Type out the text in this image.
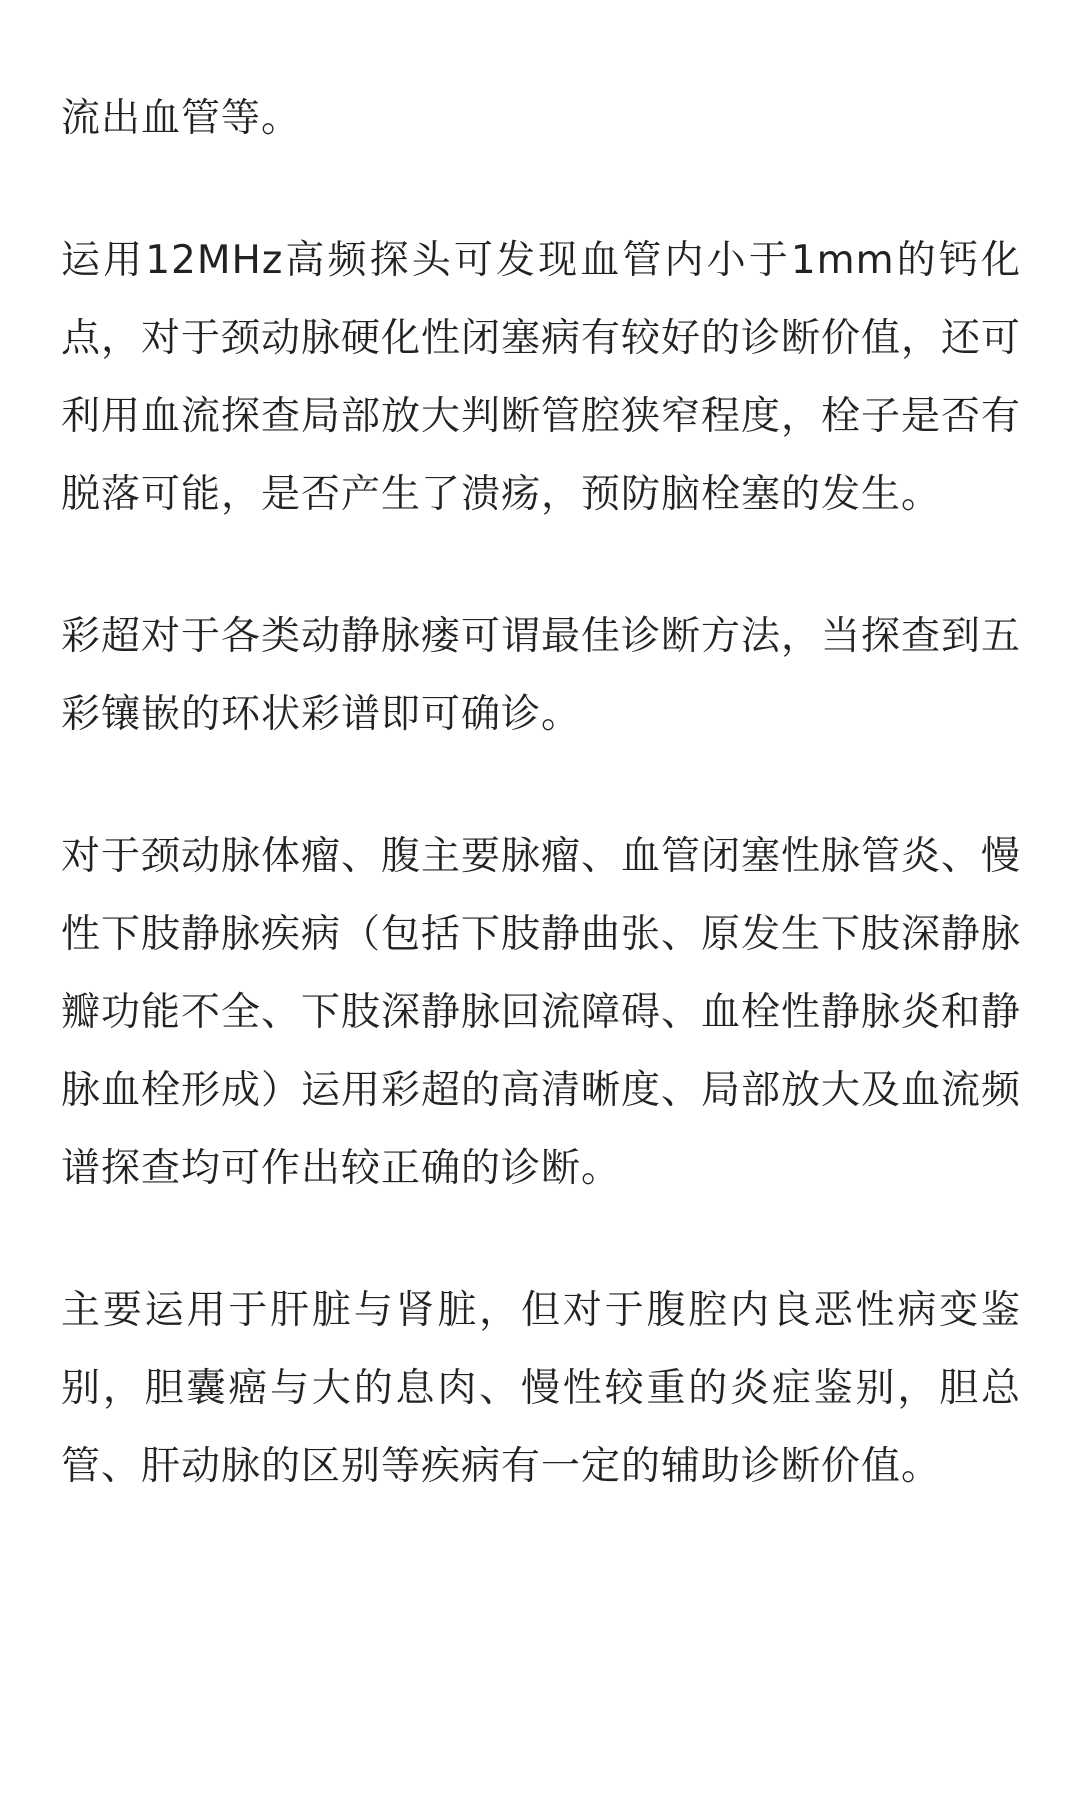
流出血管等。

运用12MHz高频探头可发现血管内小于1mm的钙化点，对于颈动脉硬化性闭塞病有较好的诊断价值，还可利用血流探查局部放大判断管腔狭窄程度，栓子是否有脱落可能，是否产生了溃疡，预防脑栓塞的发生。

彩超对于各类动静脉瘘可谓最佳诊断方法，当探查到五彩镶嵌的环状彩谱即可确诊。

对于颈动脉体瘤、腹主要脉瘤、血管闭塞性脉管炎、慢性下肢静脉疾病（包括下肢静曲张、原发生下肢深静脉瓣功能不全、下肢深静脉回流障碍、血栓性静脉炎和静脉血栓形成）运用彩超的高清晰度、局部放大及血流频谱探查均可作出较正确的诊断。

主要运用于肝脏与肾脏，但对于腹腔内良恶性病变鉴别，胆囊癌与大的息肉、慢性较重的炎症鉴别，胆总管、肝动脉的区别等疾病有一定的辅助诊断价值。
